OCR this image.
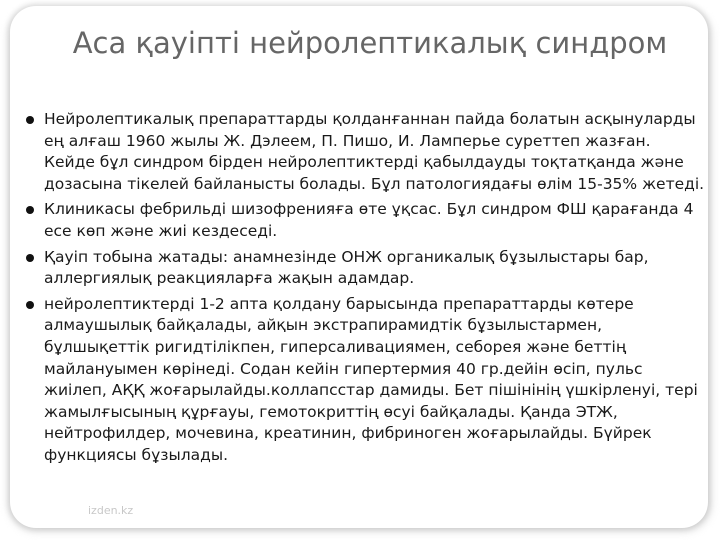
Аса қауіпті нейролептикалық синдром
Нейролептикалық препараттарды қолданғаннан пайда болатын асқынуларды ең алғаш 1960 жылы Ж. Дэлеем, П. Пишо, И. Ламперье суреттеп жазған. Кейде бұл синдром бірден нейролептиктерді қабылдауды тоқтатқанда және дозасына тікелей байланысты болады. Бұл патологиядағы өлім 15-35% жетеді.
Клиникасы фебрильді шизофренияға өте ұқсас. Бұл синдром ФШ қарағанда 4 есе көп және жиі кездеседі.
Қауіп тобына жатады: анамнезінде ОНЖ органикалық бұзылыстары бар, аллергиялық реакцияларға жақын адамдар.
нейролептиктерді 1-2 апта қолдану барысында препараттарды көтере алмаушылық байқалады, айқын экстрапирамидтік бұзылыстармен, бұлшықеттік ригидтілікпен, гиперсаливациямен, себорея және беттің майлануымен көрінеді. Содан кейін гипертермия 40 гр.дейін өсіп, пульс жиілеп, АҚҚ жоғарылайды.коллапсстар дамиды. Бет пішінінің үшкірленуі, тері жамылғысының құрғауы, гемотокриттің өсуі байқалады. Қанда ЭТЖ, нейтрофилдер, мочевина, креатинин, фибриноген жоғарылайды. Бүйрек функциясы бұзылады.
izden.kz
